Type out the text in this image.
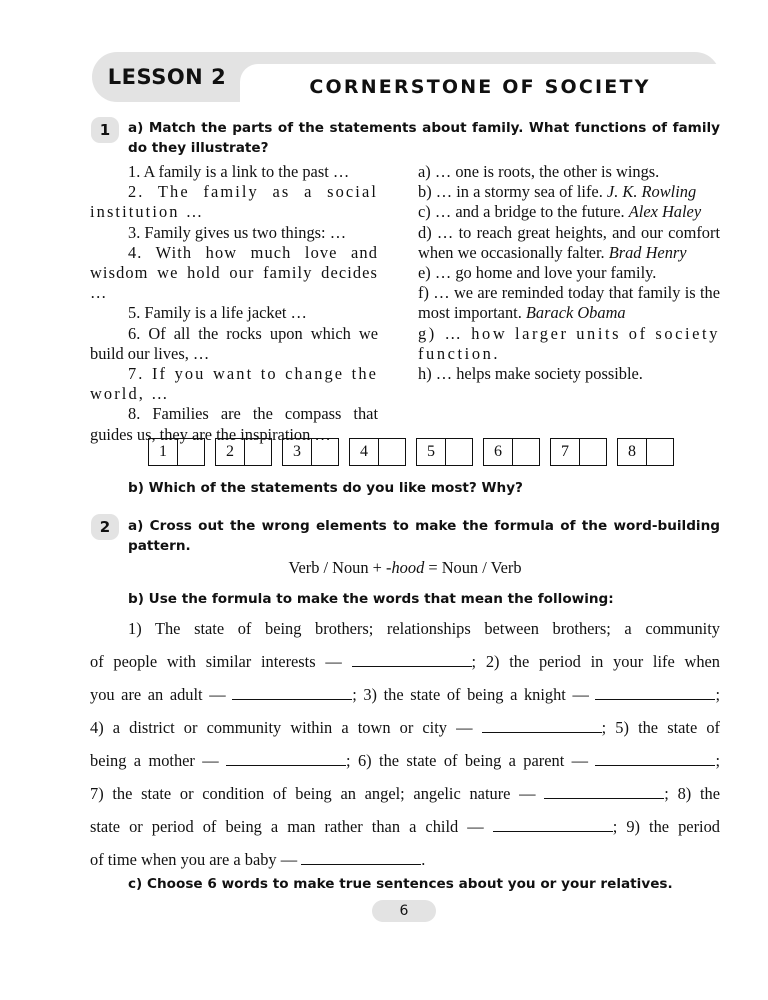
LESSON 2	CORNERSTONE OF SOCIETY
1 a) Match the parts of the statements about family. What functions of family do they illustrate?

1. A family is a link to the past …

2. The family as a social institution …

3. Family gives us two things: …

4. With how much love and wisdom we hold our family decides …

5. Family is a life jacket …

6. Of all the rocks upon which we build our lives, …

7. If you want to change the world, …

8. Families are the compass that guides us, they are the inspiration …

a) … one is roots, the other is wings.

b) … in a stormy sea of life. J. K. Rowling

c) … and a bridge to the future. Alex Haley

d) … to reach great heights, and our comfort when we occasionally falter. Brad Henry

e) … go home and love your family.

f) … we are reminded today that family is the most important. Barack Obama

g) … how larger units of society function.

h) … helps make society possible.

1	2	3	4	5	6	7	8

b) Which of the statements do you like most? Why?

2 a) Cross out the wrong elements to make the formula of the word-building pattern.

Verb / Noun + -hood = Noun / Verb

b) Use the formula to make the words that mean the following:

1) The state of being brothers; relationships between brothers; a community

of people with similar interests —	; 2) the period in your life when

you are an adult —	; 3) the state of being a knight —	;

4) a district or community within a town or city —	; 5) the state of

being a mother —	; 6) the state of being a parent —	;

7) the state or condition of being an angel; angelic nature —	; 8) the

state or period of being a man rather than a child —	; 9) the period

of time when you are a baby —	.

c) Choose 6 words to make true sentences about you or your relatives.

6
